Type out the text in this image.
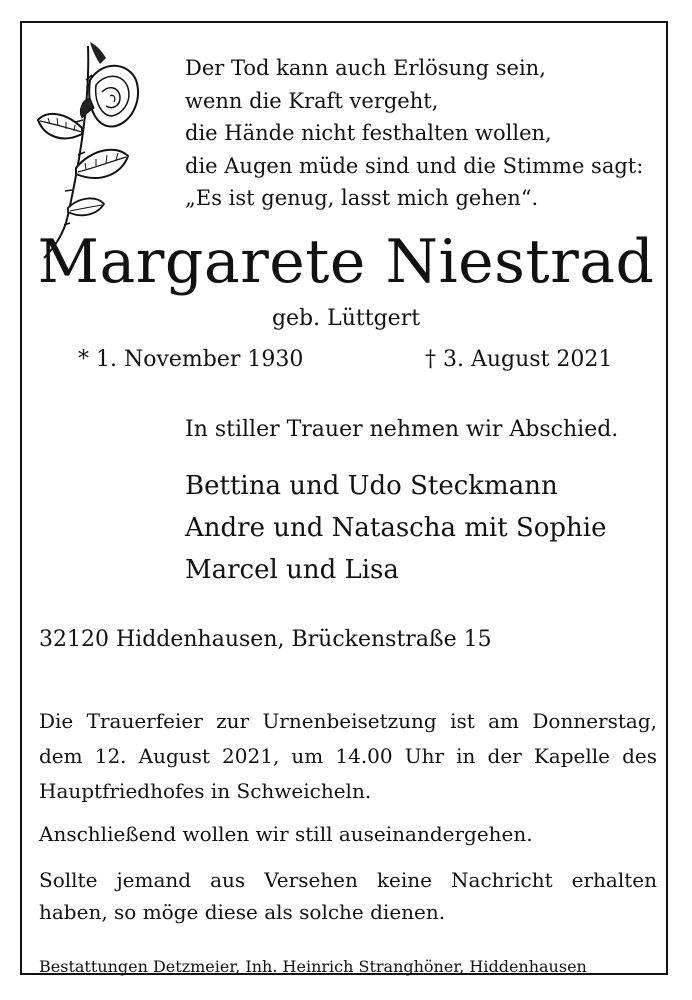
Der Tod kann auch Erlösung sein,
wenn die Kraft vergeht,
die Hände nicht festhalten wollen,
die Augen müde sind und die Stimme sagt:
„Es ist genug, lasst mich gehen“.
Margarete Niestrad
geb. Lüttgert
* 1. November 1930	† 3. August 2021
In stiller Trauer nehmen wir Abschied.
Bettina und Udo Steckmann
Andre und Natascha mit Sophie
Marcel und Lisa
32120 Hiddenhausen, Brückenstraße 15
Die Trauerfeier zur Urnenbeisetzung ist am Donnerstag,
dem 12. August 2021, um 14.00 Uhr in der Kapelle des
Hauptfriedhofes in Schweicheln.
Anschließend wollen wir still auseinandergehen.
Sollte jemand aus Versehen keine Nachricht erhalten
haben, so möge diese als solche dienen.
Bestattungen Detzmeier, Inh. Heinrich Stranghöner, Hiddenhausen
